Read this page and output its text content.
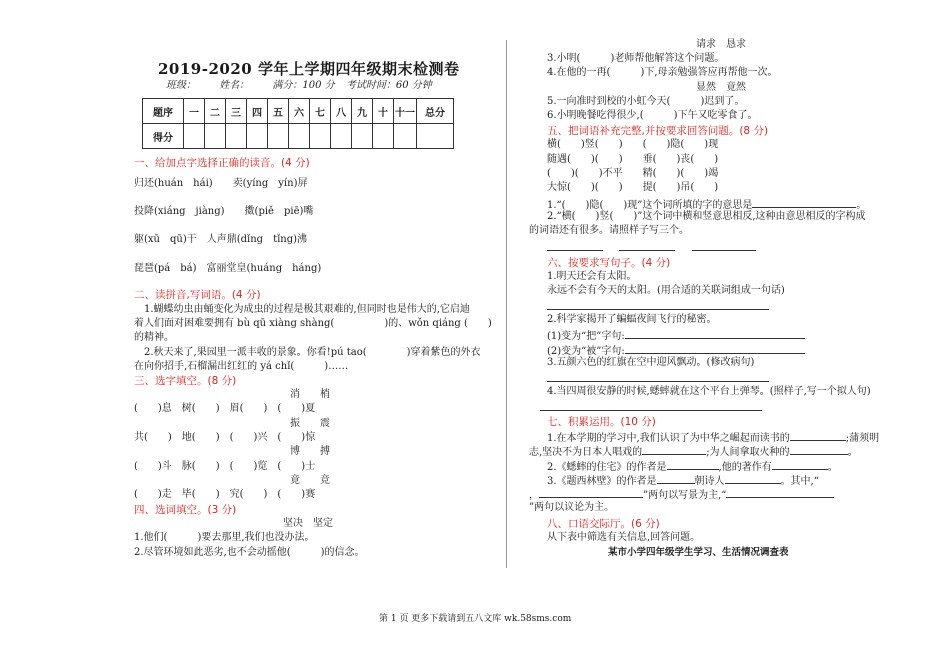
2019-2020 学年上学期四年级期末检测卷
班级： 姓名： 满分：100 分 考试时间：60 分钟
题序	一	二	三	四	五	六	七	八	九	十	十一	总分
得分												
一、给加点字选择正确的读音。(4 分)
归还(huán　hái)　　卖(yíng　yín)屏
投降(xiáng　jiàng)　　擞(piě　piē)嘴
躯(xū　qū)干　人声鼎(dǐng　tǐng)沸
琵琶(pá　bá)　富丽堂皇(huáng　háng)
二、读拼音,写词语。(4 分)
　1.蝴蝶幼虫由蛹变化为成虫的过程是极其艰难的,但同时也是伟大的,它启迪
着人们面对困难要拥有 bù qū xiàng shàng(　　　　　)的、wǒn qiáng (　　)
的精神。
　2.秋天来了,果园里一派丰收的景象。你看!pú tao(　　　　)穿着紫色的外衣
在向你招手,石榴漏出红红的 yá chǐ(　　　)……
三、选字填空。(8 分)
消　　梢
(　　)息　树(　　)　眉(　　)　(　　)夏
振　　震
共(　　)　地(　　)　(　　)兴　(　　)惊
博　　搏
(　　)斗　脉(　　)　(　　)览　(　　)士
竟　　竞
(　　)走　毕(　　)　究(　　)　(　　)赛
四、选词填空。(3 分)
坚决　坚定
1.他们(　　　)要去那里,我们也没办法。
2.尽管环境如此恶劣,也不会动摇他(　　　)的信念。
请求　恳求
3.小明(　　　)老师帮他解答这个问题。
4.在他的一再(　　　)下,母亲勉强答应再帮他一次。
显然　竟然
5.一向准时到校的小虹今天(　　　)迟到了。
6.小明晚餐吃得很少,(　　　)下午又吃零食了。
五、把词语补充完整,并按要求回答问题。(8 分)
横(　　)竖(　　)　　(　　)隐(　　)现
随遇(　　)(　　)　　垂(　　)丧(　　)
(　　)(　　)不平　　精(　　)(　　)竭
大惊(　　)(　　)　　提(　　)吊(　　)
1.“(　　)隐(　　)现”这个词所填的字的意思是	。
2.“横(　　)竖(　　)”这个词中横和竖意思相反,这种由意思相反的字构成
的词语还有很多。请照样子写三个。

六、按要求写句子。(4 分)
1.明天还会有太阳。
永远不会有今天的太阳。(用合适的关联词组成一句话)
2.科学家揭开了蝙蝠夜间飞行的秘密。
(1)变为“把”字句:
(2)变为“被”字句:
3.五颜六色的红旗在空中迎风飘动。(修改病句)
4.当四周很安静的时候,蟋蟀就在这个平台上弹琴。(照样子,写一个拟人句)
七、积累运用。(10 分)
1.在本学期的学习中,我们认识了为中华之崛起而读书的	;蒲须明
志,坚决不为日本人唱戏的	;为人间拿取火种的	。
2.《蟋蟀的住宅》的作者是	,他的著作有	。
3.《题西林壁》的作者是	朝诗人	。其中,“
，	”两句以写景为主,“
”两句以议论为主。
八、口语交际厅。(6 分)
从下表中筛选有关信息,回答问题。
某市小学四年级学生学习、生活情况调查表
第 1 页 更多下载请到五八文库 wk.58sms.com
